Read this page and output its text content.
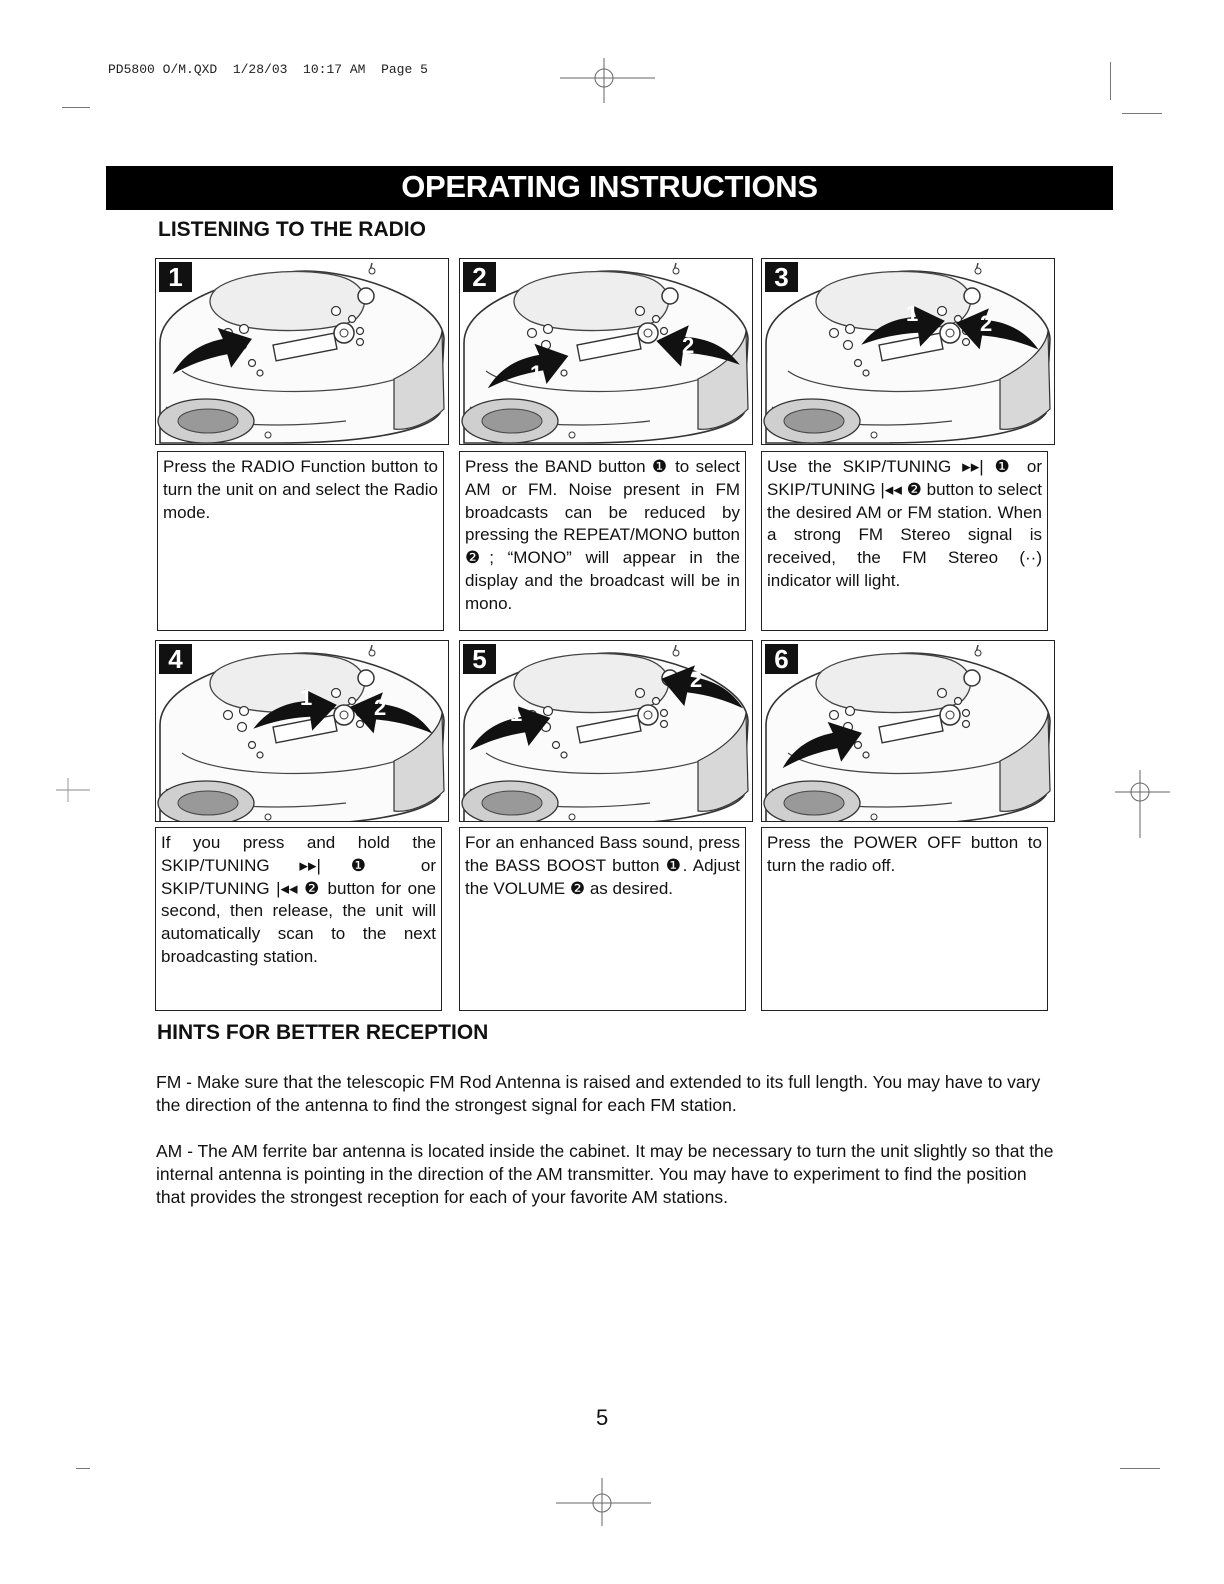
PD5800 O/M.QXD 1/28/03 10:17 AM Page 5
OPERATING INSTRUCTIONS
LISTENING TO THE RADIO
1	2
1
2
3
1	2
Press the RADIO Function button to turn the unit on and select the Radio mode.
Press the BAND button ❶ to select AM or FM. Noise present in FM broadcasts can be reduced by pressing the REPEAT/MONO button ❷; “MONO” will appear in the display and the broadcast will be in mono.
Use the SKIP/TUNING ▸▸| ❶ or SKIP/TUNING |◂◂ ❷ button to select the desired AM or FM station. When a strong FM Stereo signal is received, the FM Stereo (··) indicator will light.
4
1	2
5
1
2
6
If you press and hold the SKIP/TUNING ▸▸| ❶ or SKIP/TUNING |◂◂ ❷ button for one second, then release, the unit will automatically scan to the next broadcasting station.
For an enhanced Bass sound, press the BASS BOOST button ❶. Adjust the VOLUME ❷ as desired.
Press the POWER OFF button to turn the radio off.
HINTS FOR BETTER RECEPTION
FM - Make sure that the telescopic FM Rod Antenna is raised and extended to its full length. You may have to vary the direction of the antenna to find the strongest signal for each FM station.
AM - The AM ferrite bar antenna is located inside the cabinet. It may be necessary to turn the unit slightly so that the internal antenna is pointing in the direction of the AM transmitter. You may have to experiment to find the position that provides the strongest reception for each of your favorite AM stations.
5
